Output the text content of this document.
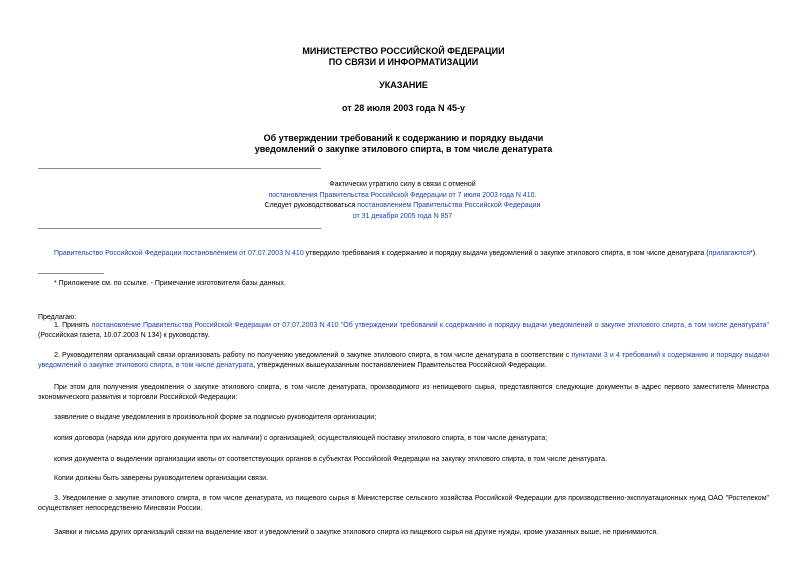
МИНИСТЕРСТВО РОССИЙСКОЙ ФЕДЕРАЦИИ
ПО СВЯЗИ И ИНФОРМАТИЗАЦИИ
УКАЗАНИЕ
от 28 июля 2003 года N 45-у
Об утверждении требований к содержанию и порядку выдачи
уведомлений о закупке этилового спирта, в том числе денатурата
Фактически утратило силу в связи с отменой
постановления Правительства Российской Федерации от 7 июля 2003 года N 410.
Следует руководствоваться постановлением Правительства Российской Федерации
от 31 декабря 2005 года N 857
Правительство Российской Федерации постановлением от 07.07.2003 N 410 утвердило требования к содержанию и порядку выдачи уведомлений о закупке этилового спирта, в том числе денатурата (прилагаются*).
* Приложение см. по ссылке. - Примечание изготовителя базы данных.
Предлагаю:
1. Принять постановление Правительства Российской Федерации от 07.07.2003 N 410 "Об утверждении требований к содержанию и порядку выдачи уведомлений о закупке этилового спирта, в том числе денатурата" (Российская газета, 10.07.2003 N 134) к руководству.
2. Руководителям организаций связи организовать работу по получению уведомлений о закупке этилового спирта, в том числе денатурата в соответствии с пунктами 3 и 4 требований к содержанию и порядку выдачи уведомлений о закупке этилового спирта, в том числе денатурата, утвержденных вышеуказанным постановлением Правительства Российской Федерации.
При этом для получения уведомления о закупке этилового спирта, в том числе денатурата, производимого из непищевого сырья, представляются следующие документы в адрес первого заместителя Министра экономического развития и торговли Российской Федерации:
заявление о выдаче уведомления в произвольной форме за подписью руководителя организации;
копия договора (наряда или другого документа при их наличии) с организацией, осуществляющей поставку этилового спирта, в том числе денатурата;
копия документа о выделении организации квоты от соответствующих органов в субъектах Российской Федерации на закупку этилового спирта, в том числе денатурата.
Копии должны быть заверены руководителем организации связи.
3. Уведомление о закупке этилового спирта, в том числе денатурата, из пищевого сырья в Министерстве сельского хозяйства Российской Федерации для производственно-эксплуатационных нужд ОАО "Ростелеком" осуществляет непосредственно Минсвязи России.
Заявки и письма других организаций связи на выделение квот и уведомлений о закупке этилового спирта из пищевого сырья на другие нужды, кроме указанных выше, не принимаются.
